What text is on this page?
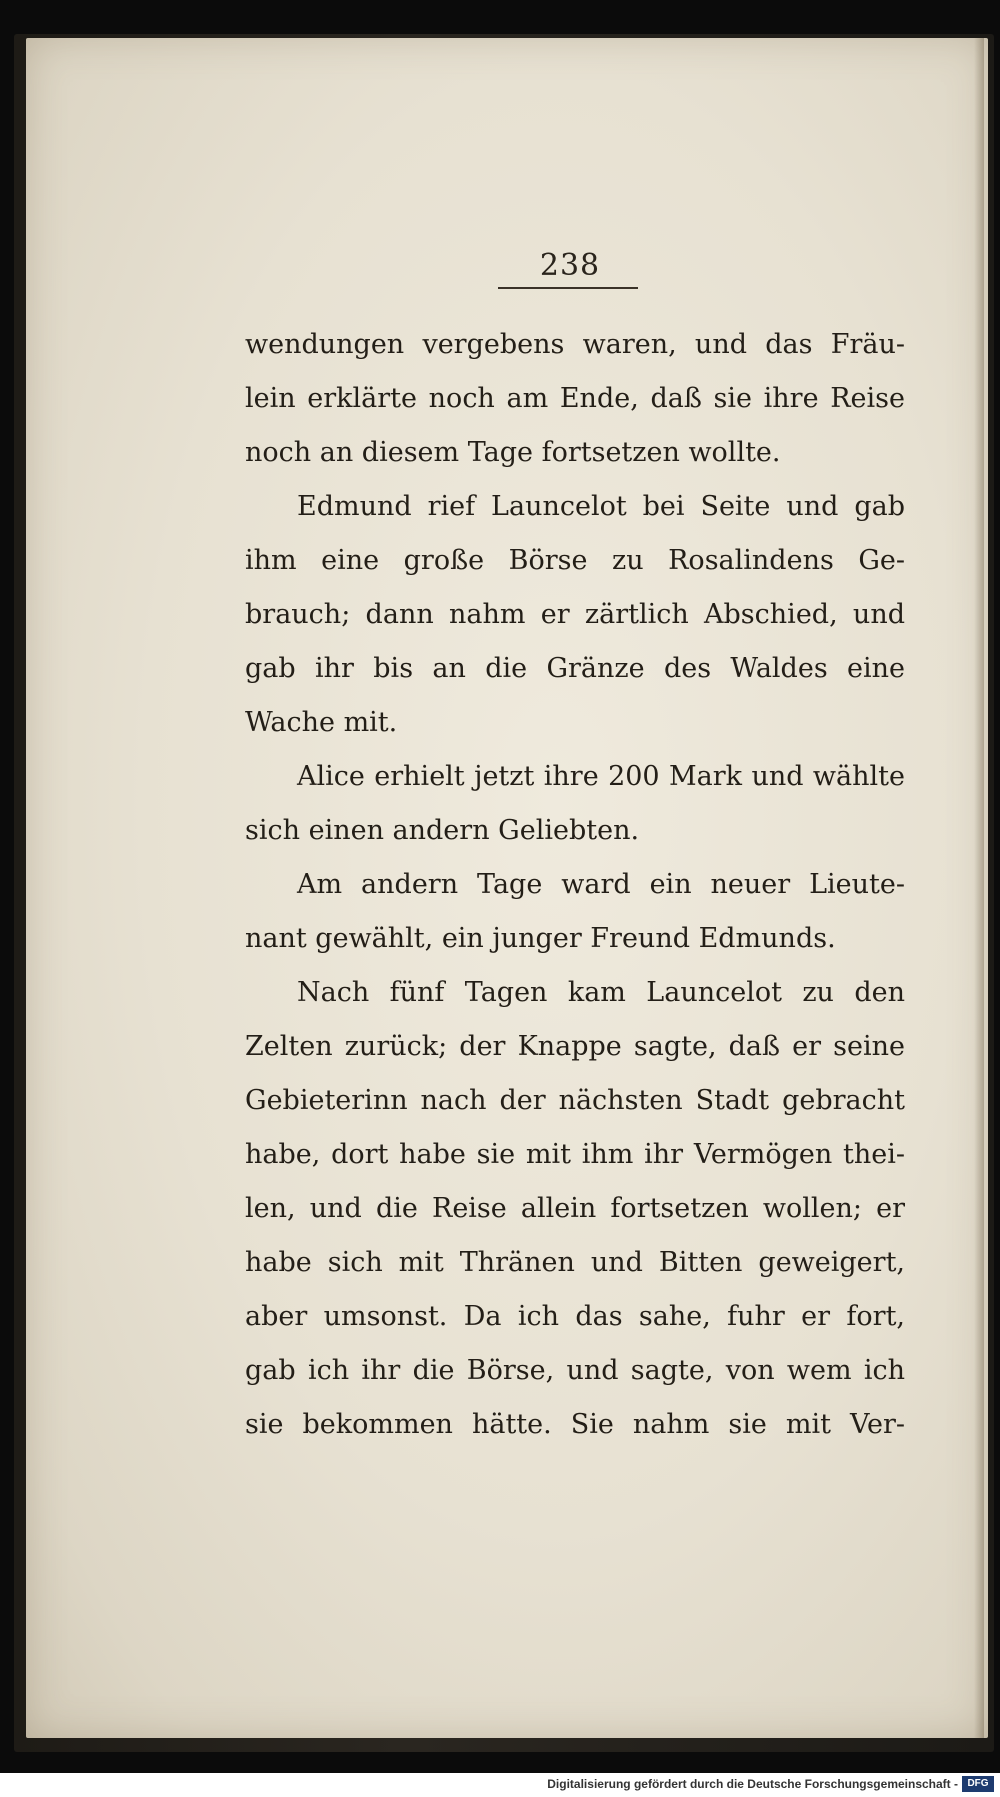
238
wendungen vergebens waren, und das Fräu-
lein erklärte noch am Ende, daß sie ihre Reise
noch an diesem Tage fortsetzen wollte.
Edmund rief Launcelot bei Seite und gab
ihm eine große Börse zu Rosalindens Ge-
brauch; dann nahm er zärtlich Abschied, und
gab ihr bis an die Gränze des Waldes eine
Wache mit.
Alice erhielt jetzt ihre 200 Mark und wählte
sich einen andern Geliebten.
Am andern Tage ward ein neuer Lieute-
nant gewählt, ein junger Freund Edmunds.
Nach fünf Tagen kam Launcelot zu den
Zelten zurück; der Knappe sagte, daß er seine
Gebieterinn nach der nächsten Stadt gebracht
habe, dort habe sie mit ihm ihr Vermögen thei-
len, und die Reise allein fortsetzen wollen; er
habe sich mit Thränen und Bitten geweigert,
aber umsonst. Da ich das sahe, fuhr er fort,
gab ich ihr die Börse, und sagte, von wem ich
sie bekommen hätte. Sie nahm sie mit Ver-
Digitalisierung gefördert durch die Deutsche Forschungsgemeinschaft - DFG
